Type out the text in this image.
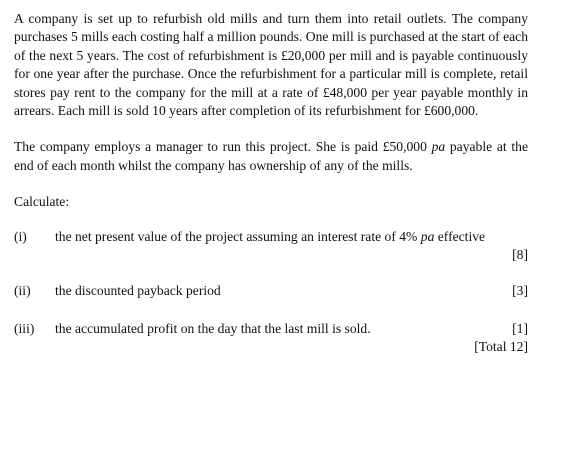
A company is set up to refurbish old mills and turn them into retail outlets. The company purchases 5 mills each costing half a million pounds. One mill is purchased at the start of each of the next 5 years. The cost of refurbishment is £20,000 per mill and is payable continuously for one year after the purchase. Once the refurbishment for a particular mill is complete, retail stores pay rent to the company for the mill at a rate of £48,000 per year payable monthly in arrears. Each mill is sold 10 years after completion of its refurbishment for £600,000.

The company employs a manager to run this project. She is paid £50,000 pa payable at the end of each month whilst the company has ownership of any of the mills.

Calculate:

(i) the net present value of the project assuming an interest rate of 4% pa effective
[8]
(ii) the discounted payback period	[3]
(iii) the accumulated profit on the day that the last mill is sold.	[1]
[Total 12]
